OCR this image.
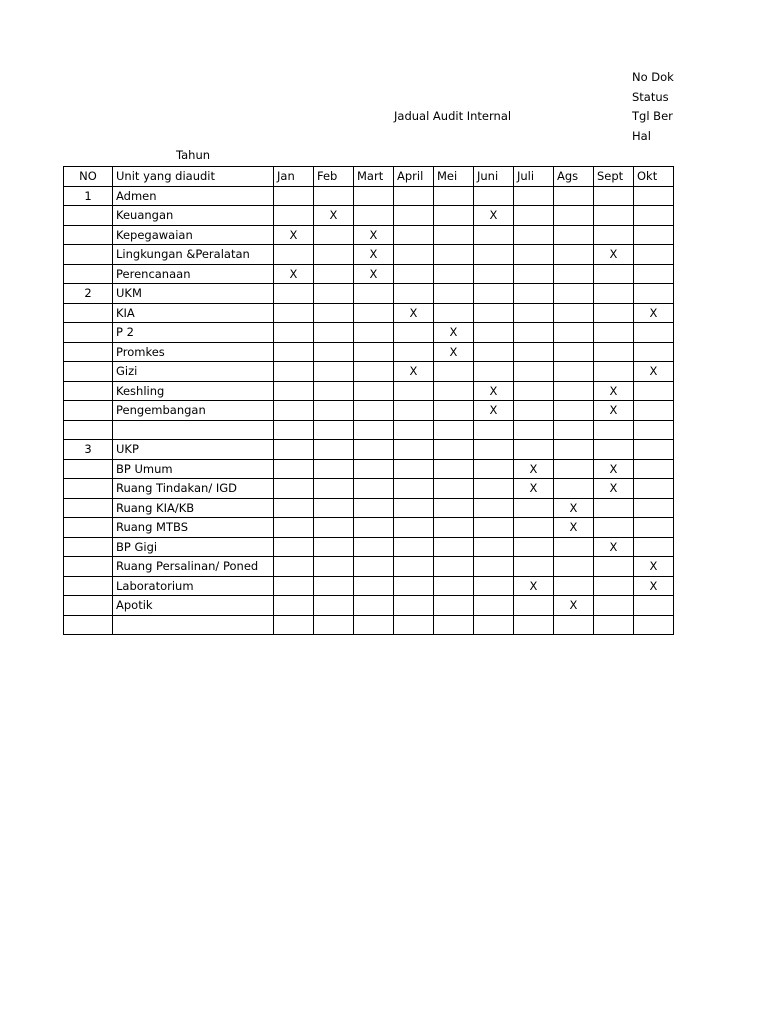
No Dok
Status
Tgl Ber
Hal
Jadual Audit Internal
Tahun
NO	Unit yang diaudit	Jan	Feb	Mart	April	Mei	Juni	Juli	Ags	Sept	Okt
1	Admen										
	Keuangan		X				X				
	Kepegawaian	X		X							
	Lingkungan &Peralatan			X						X	
	Perencanaan	X		X							
2	UKM										
	KIA				X						X
	P 2					X					
	Promkes					X					
	Gizi				X						X
	Keshling						X			X	
	Pengembangan						X			X	

3	UKP										
	BP Umum							X		X	
	Ruang Tindakan/ IGD							X		X	
	Ruang KIA/KB								X		
	Ruang MTBS								X		
	BP Gigi									X	
	Ruang Persalinan/ Poned										X
	Laboratorium							X			X
	Apotik								X		
